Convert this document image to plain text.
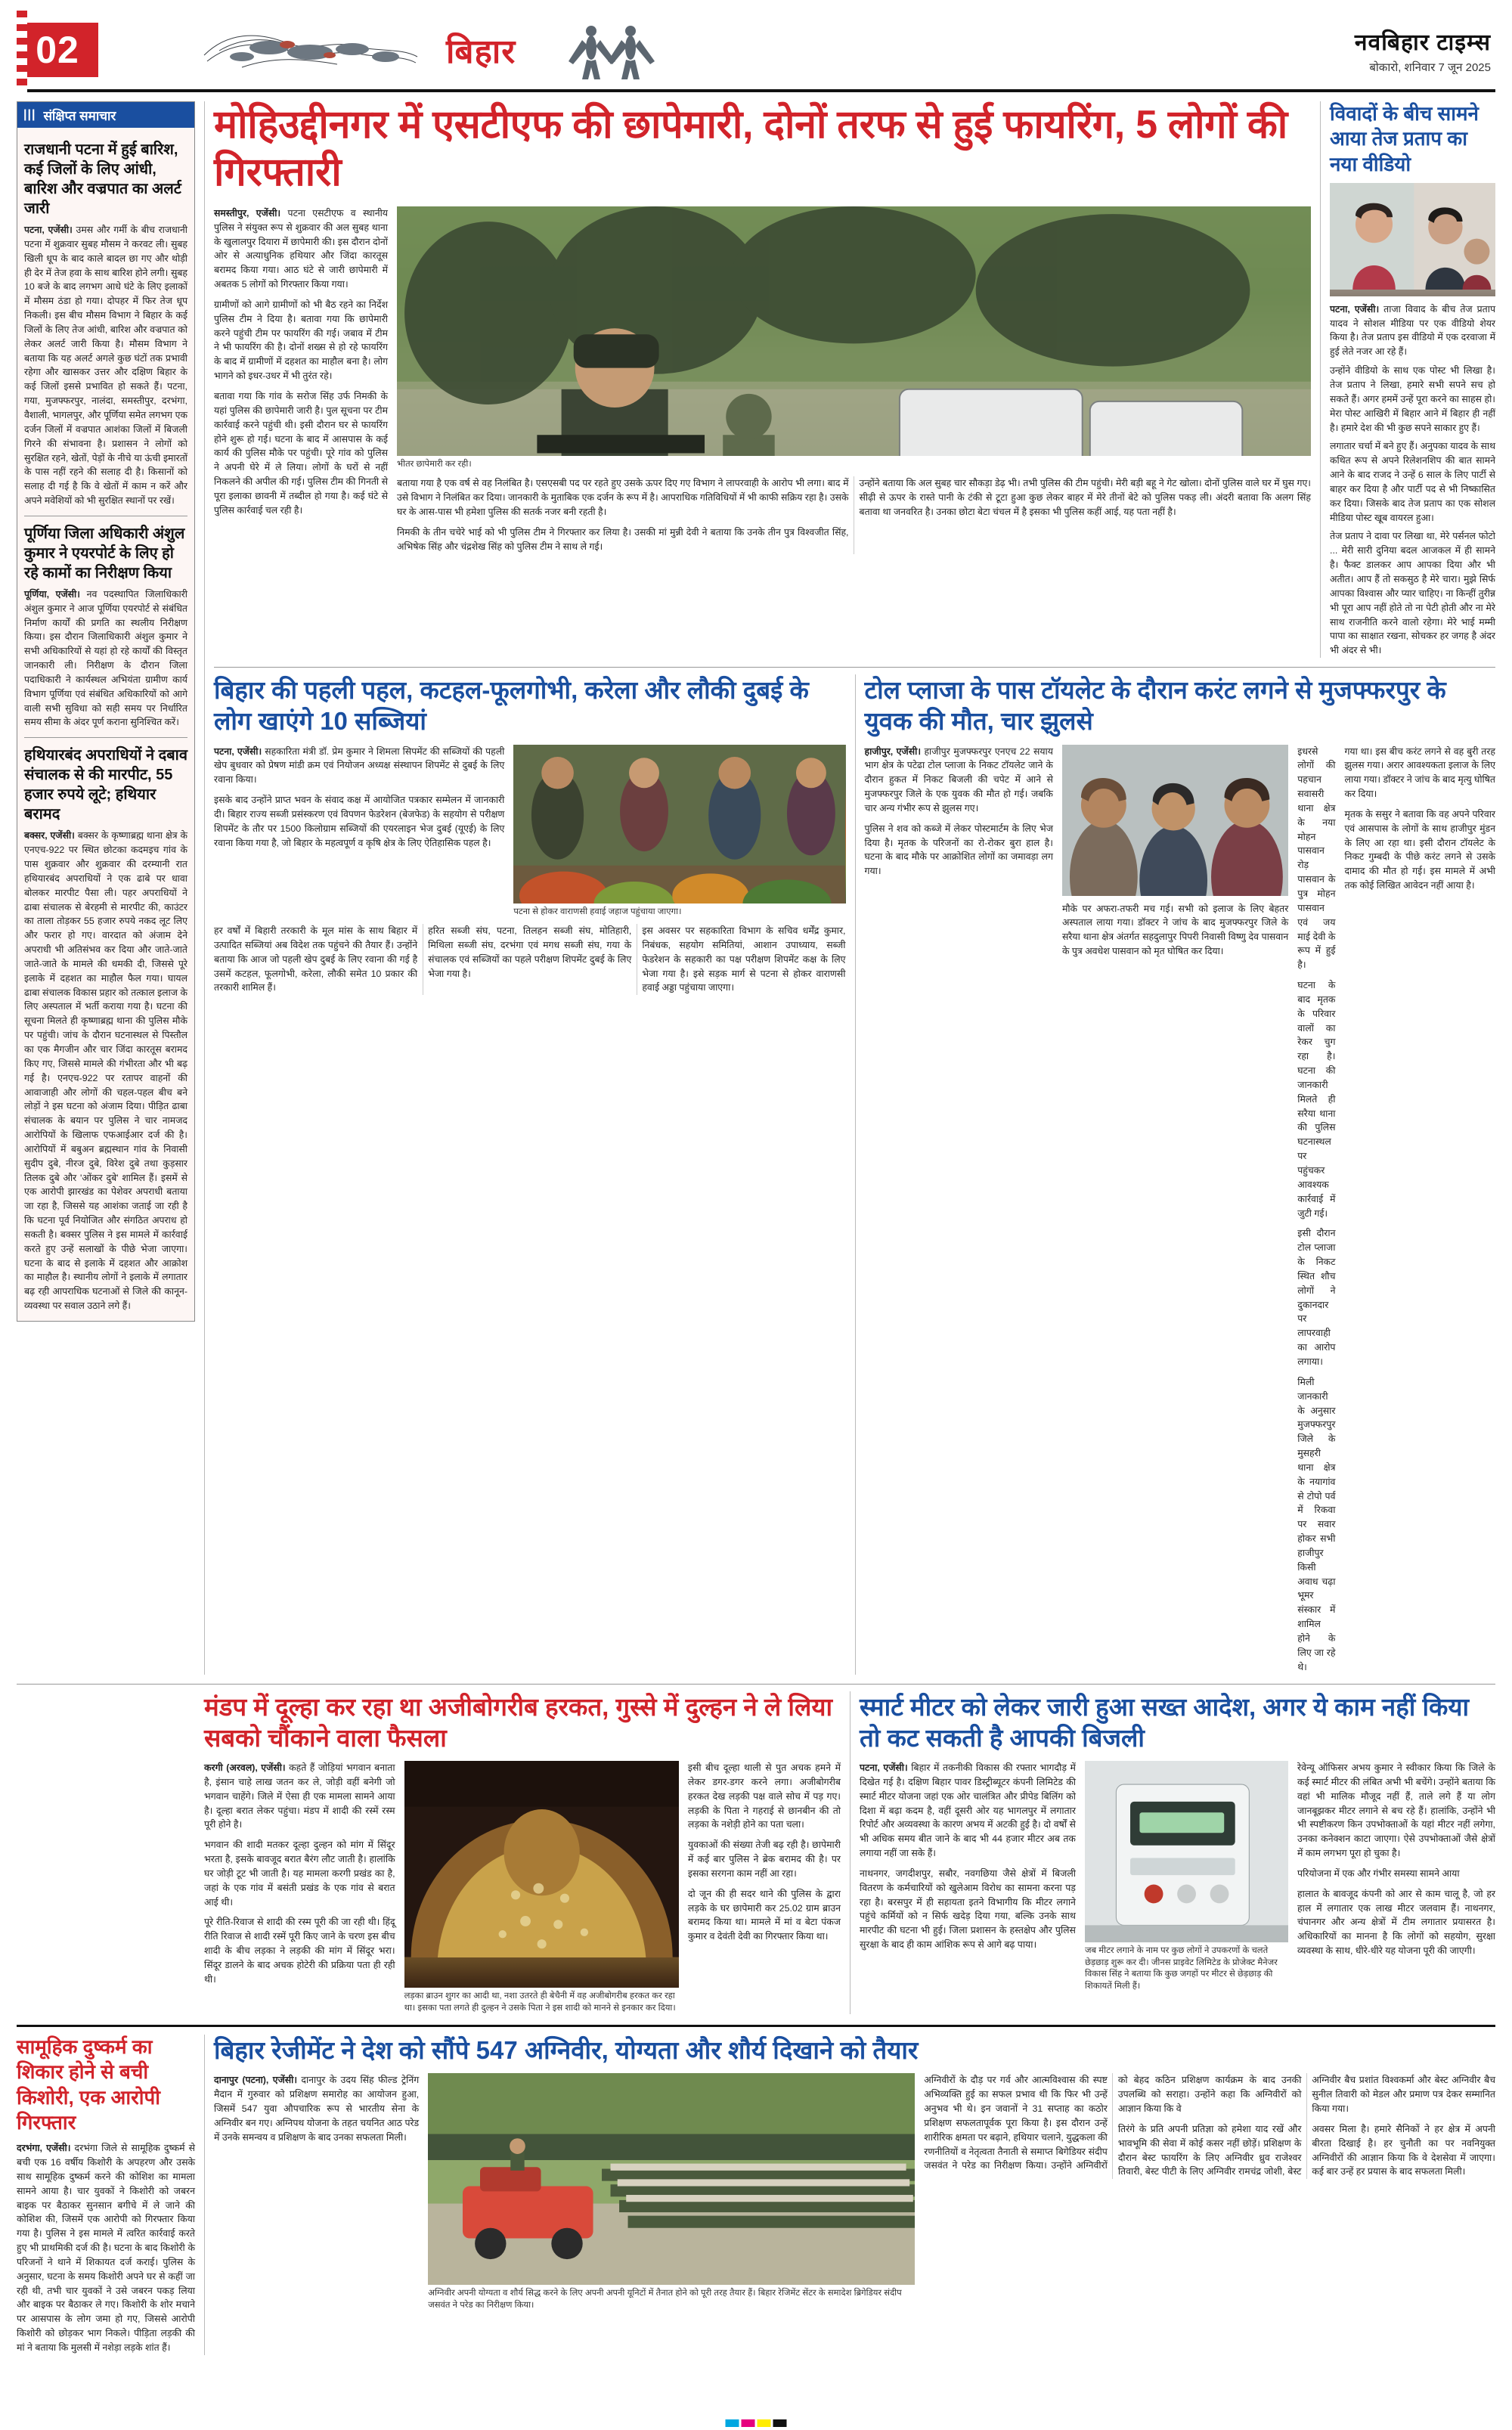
02	बिहार	नवबिहार टाइम्स
बोकारो, शनिवार 7 जून 2025
||| संक्षिप्त समाचार
राजधानी पटना में हुई बारिश, कई जिलों के लिए आंधी, बारिश और वज्रपात का अलर्ट जारी
पटना, एजेंसी। उमस और गर्मी के बीच राजधानी पटना में शुक्रवार सुबह मौसम ने करवट ली। सुबह खिली धूप के बाद काले बादल छा गए और थोड़ी ही देर में तेज हवा के साथ बारिश होने लगी। सुबह 10 बजे के बाद लगभग आधे घंटे के लिए इलाकों में मौसम ठंडा हो गया। दोपहर में फिर तेज धूप निकली। इस बीच मौसम विभाग ने बिहार के कई जिलों के लिए तेज आंधी, बारिश और वज्रपात को लेकर अलर्ट जारी किया है। मौसम विभाग ने बताया कि यह अलर्ट अगले कुछ घंटों तक प्रभावी रहेगा और खासकर उत्तर और दक्षिण बिहार के कई जिलों इससे प्रभावित हो सकते हैं। पटना, गया, मुजफ्फरपुर, नालंदा, समस्तीपुर, दरभंगा, वैशाली, भागलपुर, और पूर्णिया समेत लगभग एक दर्जन जिलों में वज्रपात आशंका जिलों में बिजली गिरने की संभावना है। प्रशासन ने लोगों को सुरक्षित रहने, खेतों, पेड़ों के नीचे या ऊंची इमारतों के पास नहीं रहने की सलाह दी है। किसानों को सलाह दी गई है कि वे खेतों में काम न करें और अपने मवेशियों को भी सुरक्षित स्थानों पर रखें।
पूर्णिया जिला अधिकारी अंशुल कुमार ने एयरपोर्ट के लिए हो रहे कामों का निरीक्षण किया
पूर्णिया, एजेंसी। नव पदस्थापित जिलाधिकारी अंशुल कुमार ने आज पूर्णिया एयरपोर्ट से संबंधित निर्माण कार्यों की प्रगति का स्थलीय निरीक्षण किया। इस दौरान जिलाधिकारी अंशुल कुमार ने सभी अधिकारियों से यहां हो रहे कार्यों की विस्तृत जानकारी ली। निरीक्षण के दौरान जिला पदाधिकारी ने कार्यस्थल अभियंता ग्रामीण कार्य विभाग पूर्णिया एवं संबंधित अधिकारियों को आगे वाली सभी सुविधा को सही समय पर निर्धारित समय सीमा के अंदर पूर्ण कराना सुनिश्चित करें।
हथियारबंद अपराधियों ने दबाव संचालक से की मारपीट, 55 हजार रुपये लूटे; हथियार बरामद
बक्सर, एजेंसी। बक्सर के कृष्णाब्रह्म थाना क्षेत्र के एनएच-922 पर स्थित छोटका कदमइच गांव के पास शुक्रवार और शुक्रवार की दरम्यानी रात हथियारबंद अपराधियों ने एक ढाबे पर धावा बोलकर मारपीट पैसा ली। पहर अपराधियों ने ढाबा संचालक से बेरहमी से मारपीट की, काउंटर का ताला तोड़कर 55 हजार रुपये नकद लूट लिए और फरार हो गए। वारदात को अंजाम देने अपराधी भी अतिसंभव कर दिया और जाते-जाते जाते-जाते के मामले की धमकी दी, जिससे पूरे इलाके में दहशत का माहौल फैल गया। घायल ढाबा संचालक विकास प्रहार को तत्काल इलाज के लिए अस्पताल में भर्ती कराया गया है। घटना की सूचना मिलते ही कृष्णाब्रह्म थाना की पुलिस मौके पर पहुंची। जांच के दौरान घटनास्थल से पिस्तौल का एक मैगजीन और चार जिंदा कारतूस बरामद किए गए, जिससे मामले की गंभीरता और भी बढ़ गई है। एनएच-922 पर रतापर वाहनों की आवाजाही और लोगों की चहल-पहल बीच बने लोड़ों ने इस घटना को अंजाम दिया। पीड़ित ढाबा संचालक के बयान पर पुलिस ने चार नामजद आरोपियों के खिलाफ एफआईआर दर्ज की है। आरोपियों में बबुअन ब्रह्मस्थान गांव के निवासी सुदीप दुबे, नीरज दुबे, विरेश दुबे तथा कुड़सार तिलक दुबे और 'ओंकर दुबे' शामिल हैं। इसमें से एक आरोपी झारखंड का पेशेवर अपराधी बताया जा रहा है, जिससे यह आशंका जताई जा रही है कि घटना पूर्व नियोजित और संगठित अपराध हो सकती है। बक्सर पुलिस ने इस मामले में कार्रवाई करते हुए उन्हें सलाखों के पीछे भेजा जाएगा। घटना के बाद से इलाके में दहशत और आक्रोश का माहौल है। स्थानीय लोगों ने इलाके में लगातार बढ़ रही आपराधिक घटनाओं से जिले की कानून-व्यवस्था पर सवाल उठाने लगे हैं।
मोहिउद्दीनगर में एसटीएफ की छापेमारी, दोनों तरफ से हुई फायरिंग, 5 लोगों की गिरफ्तारी
समस्तीपुर, एजेंसी। पटना एसटीएफ व स्थानीय पुलिस ने संयुक्त रूप से शुक्रवार की अल सुबह थाना के खुलालपुर दियारा में छापेमारी की। इस दौरान दोनों ओर से अत्याधुनिक हथियार और जिंदा कारतूस बरामद किया गया। आठ घंटे से जारी छापेमारी में अबतक 5 लोगों को गिरफ्तार किया गया।
ग्रामीणों को आगे ग्रामीणों को भी बैठ रहने का निर्देश पुलिस टीम ने दिया है। बतावा गया कि छापेमारी करने पहुंची टीम पर फायरिंग की गई। जबाव में टीम ने भी फायरिंग की है। दोनों शख्स से हो रहे फायरिंग के बाद में ग्रामीणों में दहशत का माहौल बना है। लोग भागने को इधर-उधर में भी तुरंत रहे।
बतावा गया कि गांव के सरोज सिंह उर्फ निमकी के यहां पुलिस की छापेमारी जारी है। पुल सूचना पर टीम कार्रवाई करने पहुंची थी। इसी दौरान घर से फायरिंग होने शुरू हो गई। घटना के बाद में आसपास के कई कार्य की पुलिस मौके पर पहुंची। पूरे गांव को पुलिस ने अपनी घेरे में ले लिया। लोगों के घरों से नहीं निकलने की अपील की गई। पुलिस टीम की गिनती से पूरा इलाका छावनी में तब्दील हो गया है। कई घंटे से पुलिस कार्रवाई चल रही है।
भीतर छापेमारी कर रही।
बताया गया है एक वर्ष से वह निलंबित है। एसएसबी पद पर रहते हुए उसके ऊपर दिए गए विभाग ने लापरवाही के आरोप भी लगा। बाद में उसे विभाग ने निलंबित कर दिया। जानकारी के मुताबिक एक दर्जन के रूप में है। आपराधिक गतिविधियों में भी काफी सक्रिय रहा है। उसके घर के आस-पास भी हमेशा पुलिस की सतर्क नजर बनी रहती है।
निमकी के तीन चचेरे भाई को भी पुलिस टीम ने गिरफ्तार कर लिया है। उसकी मां मुन्नी देवी ने बताया कि उनके तीन पुत्र विश्वजीत सिंह, अभिषेक सिंह और चंद्रशेख सिंह को पुलिस टीम ने साथ ले गई।
उन्होंने बताया कि अल सुबह चार सौकड़ा डेढ़ भी। तभी पुलिस की टीम पहुंची। मेरी बड़ी बहू ने गेट खोला। दोनों पुलिस वाले घर में घुस गए। सीढ़ी से ऊपर के रास्ते पानी के टंकी से टूटा हुआ कुछ लेकर बाहर में मेरे तीनों बेटे को पुलिस पकड़ ली। अंदरी बतावा कि अलग सिंह बतावा था जनवरित है। उनका छोटा बेटा चंचल में है इसका भी पुलिस कहीं आई, यह पता नहीं है।
विवादों के बीच सामने आया तेज प्रताप का नया वीडियो
पटना, एजेंसी। ताजा विवाद के बीच तेज प्रताप यादव ने सोशल मीडिया पर एक वीडियो शेयर किया है। तेज प्रताप इस वीडियो में एक दरवाजा में हुई लेते नजर आ रहे हैं।
उन्होंने वीडियो के साथ एक पोस्ट भी लिखा है। तेज प्रताप ने लिखा, हमारे सभी सपने सच हो सकते हैं। अगर हममें उन्हें पूरा करने का साहस हो। मेरा पोस्ट आखिरी में बिहार आने में बिहार ही नहीं है। हमारे देश की भी कुछ सपने साकार हुए हैं।
लगातार चर्चा में बने हुए हैं। अनुपका यादव के साथ कथित रूप से अपने रिलेशनशिप की बात सामने आने के बाद राजद ने उन्हें 6 साल के लिए पार्टी से बाहर कर दिया है और पार्टी पद से भी निष्कासित कर दिया। जिसके बाद तेज प्रताप का एक सोशल मीडिया पोस्ट खूब वायरल हुआ।
तेज प्रताप ने दावा पर लिखा था, मेरे पर्सनल फोटो ... मेरी सारी दुनिया बदल आजकल में ही सामने है। फैक्ट डालकर आप आपका दिया और भी अतीत। आप हैं तो सकसुठ है मेरे चारा। मुझे सिर्फ आपका विश्वास और प्यार चाहिए। ना किन्हीं तुरीन्न भी पूरा आप नहीं होते तो ना पेटी होती और ना मेरे साथ राजनीति करने वालो रहेगा। मेरे भाई मम्मी पापा का साक्षात रखना, सोचकर हर जगह है अंदर भी अंदर से भी।
बिहार की पहली पहल, कटहल-फूलगोभी, करेला और लौकी दुबई के लोग खाएंगे 10 सब्जियां
पटना, एजेंसी। सहकारिता मंत्री डॉ. प्रेम कुमार ने शिमला सिपमेंट की सब्जियों की पहली खेप बुधवार को प्रेषण मांडी क्रम एवं नियोजन अध्यक्ष संस्थापन शिपमेंट से दुबई के लिए रवाना किया।
इसके बाद उन्होंने प्राप्त भवन के संवाद कक्ष में आयोजित पत्रकार सम्मेलन में जानकारी दी। बिहार राज्य सब्जी प्रसंस्करण एवं विपणन फेडरेशन (बेजफेड) के सहयोग से परीक्षण शिपमेंट के तौर पर 1500 किलोग्राम सब्जियों की एयरलाइन भेज दुबई (यूएई) के लिए रवाना किया गया है, जो बिहार के महत्वपूर्ण व कृषि क्षेत्र के लिए ऐतिहासिक पहल है।
पटना से होकर वाराणसी हवाई जहाज पहुंचाया जाएगा।
हर वर्षों में बिहारी तरकारी के मूल मांस के साथ बिहार में उत्पादित सब्जियां अब विदेश तक पहुंचने की तैयार हैं। उन्होंने बताया कि आज जो पहली खेप दुबई के लिए रवाना की गई है उसमें कटहल, फूलगोभी, करेला, लौकी समेत 10 प्रकार की तरकारी शामिल हैं।
हरित सब्जी संघ, पटना, तिलहन सब्जी संघ, मोतिहारी, मिथिला सब्जी संघ, दरभंगा एवं मगध सब्जी संघ, गया के संचालक एवं सब्जियों का पहले परीक्षण शिपमेंट दुबई के लिए भेजा गया है।
इस अवसर पर सहकारिता विभाग के सचिव धर्मेंद्र कुमार, निबंधक, सहयोग समितियां, आशान उपाध्याय, सब्जी फेडरेशन के सहकारी का पक्ष परीक्षण शिपमेंट कक्ष के लिए भेजा गया है। इसे सड़क मार्ग से पटना से होकर वाराणसी हवाई अड्डा पहुंचाया जाएगा।
टोल प्लाजा के पास टॉयलेट के दौरान करंट लगने से मुजफ्फरपुर के युवक की मौत, चार झुलसे
हाजीपुर, एजेंसी। हाजीपुर मुजफ्फरपुर एनएच 22 सयाय भाग क्षेत्र के पटेढा टोल प्लाजा के निकट टॉयलेट जाने के दौरान हुकत में निकट बिजली की चपेट में आने से मुजफ्फरपुर जिले के एक युवक की मौत हो गई। जबकि चार अन्य गंभीर रूप से झुलस गए।
पुलिस ने शव को कब्जे में लेकर पोस्टमार्टम के लिए भेज दिया है। मृतक के परिजनों का रो-रोकर बुरा हाल है। घटना के बाद मौके पर आक्रोशित लोगों का जमावड़ा लग गया।
मौके पर अफरा-तफरी मच गई। सभी को इलाज के लिए बेहतर अस्पताल लाया गया। डॉक्टर ने जांच के बाद मुजफ्फरपुर जिले के सरैया थाना क्षेत्र अंतर्गत सहदुलापुर पिपरी निवासी विष्णु देव पासवान के पुत्र अवधेश पासवान को मृत घोषित कर दिया।
इधरसे लोगों की पहचान सवासरी थाना क्षेत्र के नया मोहन पासवान रोड़ पासवान के पुत्र मोहन पासवान एवं जय माई देवी के रूप में हुई है।
घटना के बाद मृतक के परिवार वालों का रेकर चुग रहा है। घटना की जानकारी मिलते ही सरैया थाना की पुलिस घटनास्थल पर पहुंचकर आवश्यक कार्रवाई में जुटी गई।
इसी दौरान टोल प्लाजा के निकट स्थित शौच लोगों ने दुकानदार पर लापरवाही का आरोप लगाया।
मिली जानकारी के अनुसार मुजफ्फरपुर जिले के मुसहरी थाना क्षेत्र के नयागांव से टोपो पर्व में रिकवा पर सवार होकर सभी हाजीपुर किसी अवाध चढ़ा भूमर संस्कार में शामिल होने के लिए जा रहे थे।
गया था। इस बीच करंट लगने से वह बुरी तरह झुलस गया। अरार आवश्यकता इलाज के लिए लाया गया। डॉक्टर ने जांच के बाद मृत्यु घोषित कर दिया।
मृतक के ससुर ने बतावा कि वह अपने परिवार एवं आसपास के लोगों के साथ हाजीपुर मुंडन के लिए आ रहा था। इसी दौरान टॉयलेट के निकट गुम्बदी के पीछे करंट लगने से उसके दामाद की मौत हो गई। इस मामले में अभी तक कोई लिखित आवेदन नहीं आया है।
मंडप में दूल्हा कर रहा था अजीबोगरीब हरकत, गुस्से में दुल्हन ने ले लिया सबको चौंकाने वाला फैसला
करगी (अरवल), एजेंसी। कहते हैं जोड़ियां भगवान बनाता है, इंसान चाहे लाख जतन कर ले, जोड़ी वहीं बनेगी जो भगवान चाहेंगे। जिले में ऐसा ही एक मामला सामने आया है। दूल्हा बरात लेकर पहुंचा। मंडप में शादी की रस्में रस्म पूरी होने है।
भगवान की शादी मतकर दूल्हा दुल्हन को मांग में सिंदूर भरता है, इसके बावजूद बरात बैरंग लौट जाती है। हालांकि घर जोड़ी टूट भी जाती है। यह मामला करगी प्रखंड का है, जहां के एक गांव में बसंती प्रखंड के एक गांव से बरात आई थी।
पूरे रीति-रिवाज से शादी की रस्म पूरी की जा रही थी। हिंदू रीति रिवाज से शादी रस्में पूरी किए जाने के चरण इस बीच शादी के बीच लड़का ने लड़की की मांग में सिंदूर भरा। सिंदूर डालने के बाद अचक होटेरी की प्रक्रिया पता ही रही थी।
लड़का ब्राउन शुगर का आदी था, नशा उतरते ही बेचैनी में वह अजीबोगरीब हरकत कर रहा था। इसका पता लगते ही दुल्हन ने उसके पिता ने इस शादी को मानने से इनकार कर दिया।
इसी बीच दूल्हा थाली से पुत अचक हमने में लेकर डगर-डगर करने लगा। अजीबोगरीब हरकत देख लड़की पक्ष वाले सोच में पड़ गए। लड़की के पिता ने गहराई से छानबीन की तो लड़का के नशेड़ी होने का पता चला।
युवकाओं की संख्या तेजी बढ़ रही है। छापेमारी में कई बार पुलिस ने ब्रेक बरामद की है। पर इसका सरगना काम नहीं आ रहा।
दो जून की ही सदर थाने की पुलिस के द्वारा लड़के के घर छापेमारी कर 25.02 ग्राम ब्राउन बरामद किया था। मामले में मां व बेटा पंकज कुमार व देवंती देवी का गिरफ्तार किया था।
स्मार्ट मीटर को लेकर जारी हुआ सख्त आदेश, अगर ये काम नहीं किया तो कट सकती है आपकी बिजली
पटना, एजेंसी। बिहार में तकनीकी विकास की रफ्तार भागदौड़ में दिखेत गई है। दक्षिण बिहार पावर डिस्ट्रीब्यूटर कंपनी लिमिटेड की स्मार्ट मीटर योजना जहां एक ओर चालंत्रित और प्रीपेड बिलिंग को दिशा में बढ़ा कदम है, वहीं दूसरी ओर यह भागलपुर में लगातार रिपोर्ट और अव्यवस्था के कारण अभय में अटकी हुई है। दो वर्षों से भी अधिक समय बीत जाने के बाद भी 44 हजार मीटर अब तक लगाया नहीं जा सके हैं।
नाथनगर, जगदीशपुर, सबौर, नवगछिया जैसे क्षेत्रों में बिजली वितरण के कर्मचारियों को खुलेआम विरोध का सामना करना पड़ रहा है। बरसपुर में ही सहायता इतने विभागीय कि मीटर लगाने पहुंचे कर्मियों को न सिर्फ खदेड़ दिया गया, बल्कि उनके साथ मारपीट की घटना भी हुई। जिला प्रशासन के हस्तक्षेप और पुलिस सुरक्षा के बाद ही काम आंशिक रूप से आगे बढ़ पाया।
जब मीटर लगाने के नाम पर कुछ लोगों ने उपकरणों के चलते छेड़छाड़ शुरू कर दी। जीनस प्राइवेट लिमिटेड के प्रोजेक्ट मैनेजर विकास सिंह ने बताया कि कुछ जगहों पर मीटर से छेड़छाड़ की शिकायतें मिली हैं।
रेवेन्यू ऑफिसर अभय कुमार ने स्वीकार किया कि जिले के कई स्मार्ट मीटर की लंबित अभी भी बचेंगे। उन्होंने बताया कि वहां भी मालिक मौजूद नहीं हैं, ताले लगे हैं या लोग जानबूझकर मीटर लगाने से बच रहे हैं। हालांकि, उन्होंने भी भी स्पष्टीकरण किन उपभोक्ताओं के यहां मीटर नहीं लगेगा, उनका कनेक्शन काटा जाएगा। ऐसे उपभोक्ताओं जैसे क्षेत्रों में काम लगभग पूरा हो चुका है।
परियोजना में एक और गंभीर समस्या सामने आया
हालात के बावजूद कंपनी को आर से काम चालू है, जो हर हाल में लगातार एक लाख मीटर जलवाम हैं। नाथनगर, चंपानगर और अन्य क्षेत्रों में टीम लगातार प्रयासरत है। अधिकारियों का मानना है कि लोगों को सहयोग, सुरक्षा व्यवस्था के साथ, धीरे-धीरे यह योजना पूरी की जाएगी।
सामूहिक दुष्कर्म का शिकार होने से बची किशोरी, एक आरोपी गिरफ्तार
दरभंगा, एजेंसी। दरभंगा जिले से सामूहिक दुष्कर्म से बची एक 16 वर्षीय किशोरी के अपहरण और उसके साथ सामूहिक दुष्कर्म करने की कोशिश का मामला सामने आया है। चार युवकों ने किशोरी को जबरन बाइक पर बैठाकर सुनसान बगीचे में ले जाने की कोशिश की, जिसमें एक आरोपी को गिरफ्तार किया गया है। पुलिस ने इस मामले में त्वरित कार्रवाई करते हुए भी प्राथमिकी दर्ज की है। घटना के बाद किशोरी के परिजनों ने थाने में शिकायत दर्ज कराई। पुलिस के अनुसार, घटना के समय किशोरी अपने घर से कहीं जा रही थी, तभी चार युवकों ने उसे जबरन पकड़ लिया और बाइक पर बैठाकर ले गए। किशोरी के शोर मचाने पर आसपास के लोग जमा हो गए, जिससे आरोपी किशोरी को छोड़कर भाग निकले। पीड़िता लड़की की मां ने बताया कि मुलसी में नशेड़ा लड़के शांत हैं।
बिहार रेजीमेंट ने देश को सौंपे 547 अग्निवीर, योग्यता और शौर्य दिखाने को तैयार
दानापुर (पटना), एजेंसी। दानापुर के उदय सिंह फील्ड ट्रेनिंग मैदान में गुरुवार को प्रशिक्षण समारोह का आयोजन हुआ, जिसमें 547 युवा औपचारिक रूप से भारतीय सेना के अग्निवीर बन गए। अग्निपथ योजना के तहत चयनित आठ परेड में उनके समन्वय व प्रशिक्षण के बाद उनका सफलता मिली।
अग्निवीर अपनी योग्यता व शौर्य सिद्ध करने के लिए अपनी अपनी यूनिटों में तैनात होने को पूरी तरह तैयार हैं। बिहार रेजिमेंट सेंटर के समादेश ब्रिगेडियर संदीप जसवंत ने परेड का निरीक्षण किया।
अग्निवीरों के दौड़ पर गर्व और आत्मविश्वास की स्पष्ट अभिव्यक्ति हुई का सफल प्रभाव थी कि फिर भी उन्हें अनुभव भी थे। इन जवानों ने 31 सप्ताह का कठोर प्रशिक्षण सफलतापूर्वक पूरा किया है। इस दौरान उन्हें शारीरिक क्षमता पर बढ़ाने, हथियार चलाने, युद्धकला की रणनीतियों व नेतृत्वता तैनाती से समाप्त बिगेडियर संदीप जसवंत ने परेड का निरीक्षण किया। उन्होंने अग्निवीरों को बेहद कठिन प्रशिक्षण कार्यक्रम के बाद उनकी उपलब्धि को सराहा। उन्होंने कहा कि अग्निवीरों को आज्ञान किया कि वे
तिरंगे के प्रति अपनी प्रतिज्ञा को हमेशा याद रखें और भावभूमि की सेवा में कोई कसर नहीं छोड़ें। प्रशिक्षण के दौरान बेस्ट फायरिंग के लिए अग्निवीर ध्रुव राजेश्वर तिवारी, बेस्ट पीटी के लिए अग्निवीर रामचंद्र जोशी, बेस्ट अग्निवीर बैच प्रशांत विश्वकर्मा और बेस्ट अग्निवीर बैच सुनील तिवारी को मेडल और प्रमाण पत्र देकर सम्मानित किया गया।
अवसर मिला है। हमारे सैनिकों ने हर क्षेत्र में अपनी बीरता दिखाई है। हर चुनौती का पर नवनियुक्त अग्निवीरों की आज्ञान किया कि वे देशसेवा में जाएगा। कई बार उन्हें हर प्रयास के बाद सफलता मिली।
